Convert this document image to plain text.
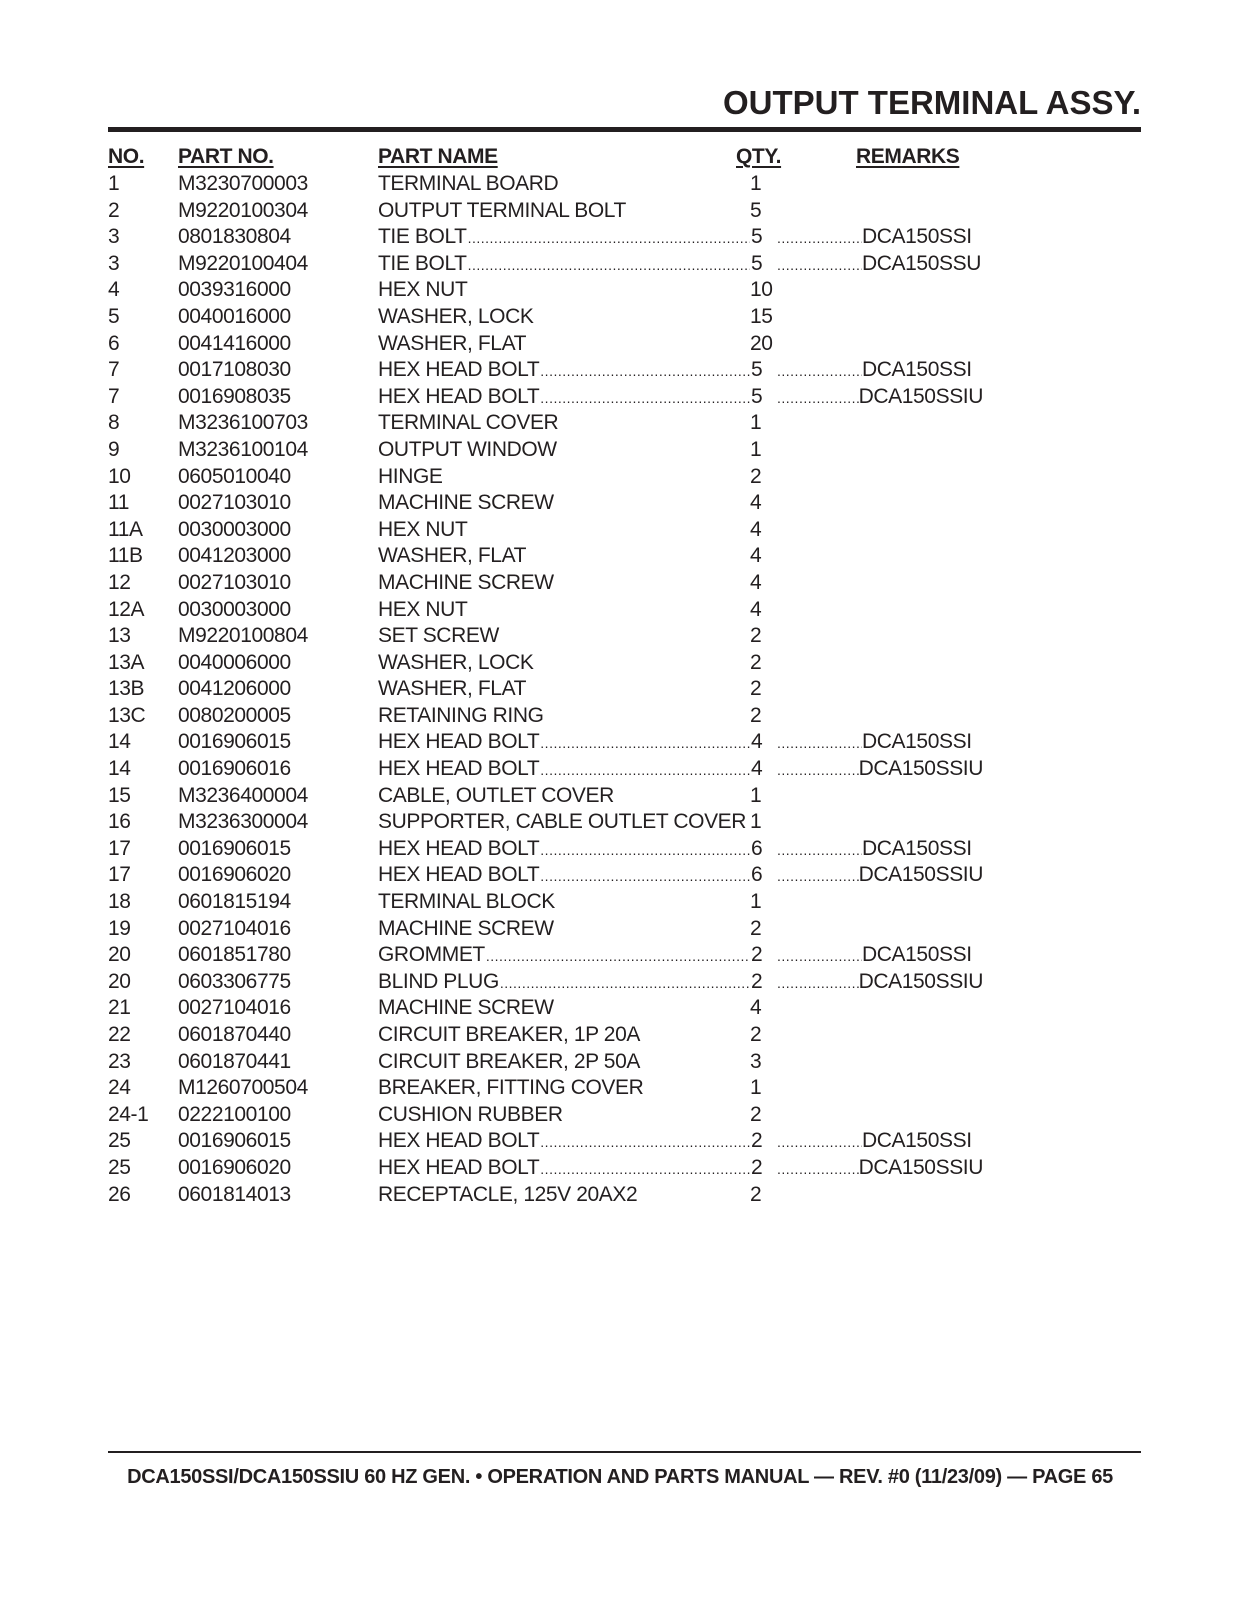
OUTPUT TERMINAL ASSY.
NO.	PART NO.	PART NAME	QTY.	REMARKS
1	M3230700003	TERMINAL BOARD	1
2	M9220100304	OUTPUT TERMINAL BOLT	5
3	0801830804	TIE BOLT .....	5 .....	DCA150SSI
3	M9220100404	TIE BOLT .....	5 .....	DCA150SSU
4	0039316000	HEX NUT	10
5	0040016000	WASHER, LOCK	15
6	0041416000	WASHER, FLAT	20
7	0017108030	HEX HEAD BOLT .....	5 .....	DCA150SSI
7	0016908035	HEX HEAD BOLT .....	5 .....	DCA150SSIU
8	M3236100703	TERMINAL COVER	1
9	M3236100104	OUTPUT WINDOW	1
10	0605010040	HINGE	2
11	0027103010	MACHINE SCREW	4
11A	0030003000	HEX NUT	4
11B	0041203000	WASHER, FLAT	4
12	0027103010	MACHINE SCREW	4
12A	0030003000	HEX NUT	4
13	M9220100804	SET SCREW	2
13A	0040006000	WASHER, LOCK	2
13B	0041206000	WASHER, FLAT	2
13C	0080200005	RETAINING RING	2
14	0016906015	HEX HEAD BOLT .....	4 .....	DCA150SSI
14	0016906016	HEX HEAD BOLT .....	4 .....	DCA150SSIU
15	M3236400004	CABLE, OUTLET COVER	1
16	M3236300004	SUPPORTER, CABLE OUTLET COVER 1
17	0016906015	HEX HEAD BOLT .....	6 .....	DCA150SSI
17	0016906020	HEX HEAD BOLT .....	6 .....	DCA150SSIU
18	0601815194	TERMINAL BLOCK	1
19	0027104016	MACHINE SCREW	2
20	0601851780	GROMMET .....	2 .....	DCA150SSI
20	0603306775	BLIND PLUG .....	2 .....	DCA150SSIU
21	0027104016	MACHINE SCREW	4
22	0601870440	CIRCUIT BREAKER, 1P 20A	2
23	0601870441	CIRCUIT BREAKER, 2P 50A	3
24	M1260700504	BREAKER, FITTING COVER	1
24-1	0222100100	CUSHION RUBBER	2
25	0016906015	HEX HEAD BOLT .....	2 .....	DCA150SSI
25	0016906020	HEX HEAD BOLT .....	2 .....	DCA150SSIU
26	0601814013	RECEPTACLE, 125V 20AX2	2

DCA150SSI/DCA150SSIU 60 HZ GEN. • OPERATION AND PARTS MANUAL — REV. #0 (11/23/09) — PAGE 65
